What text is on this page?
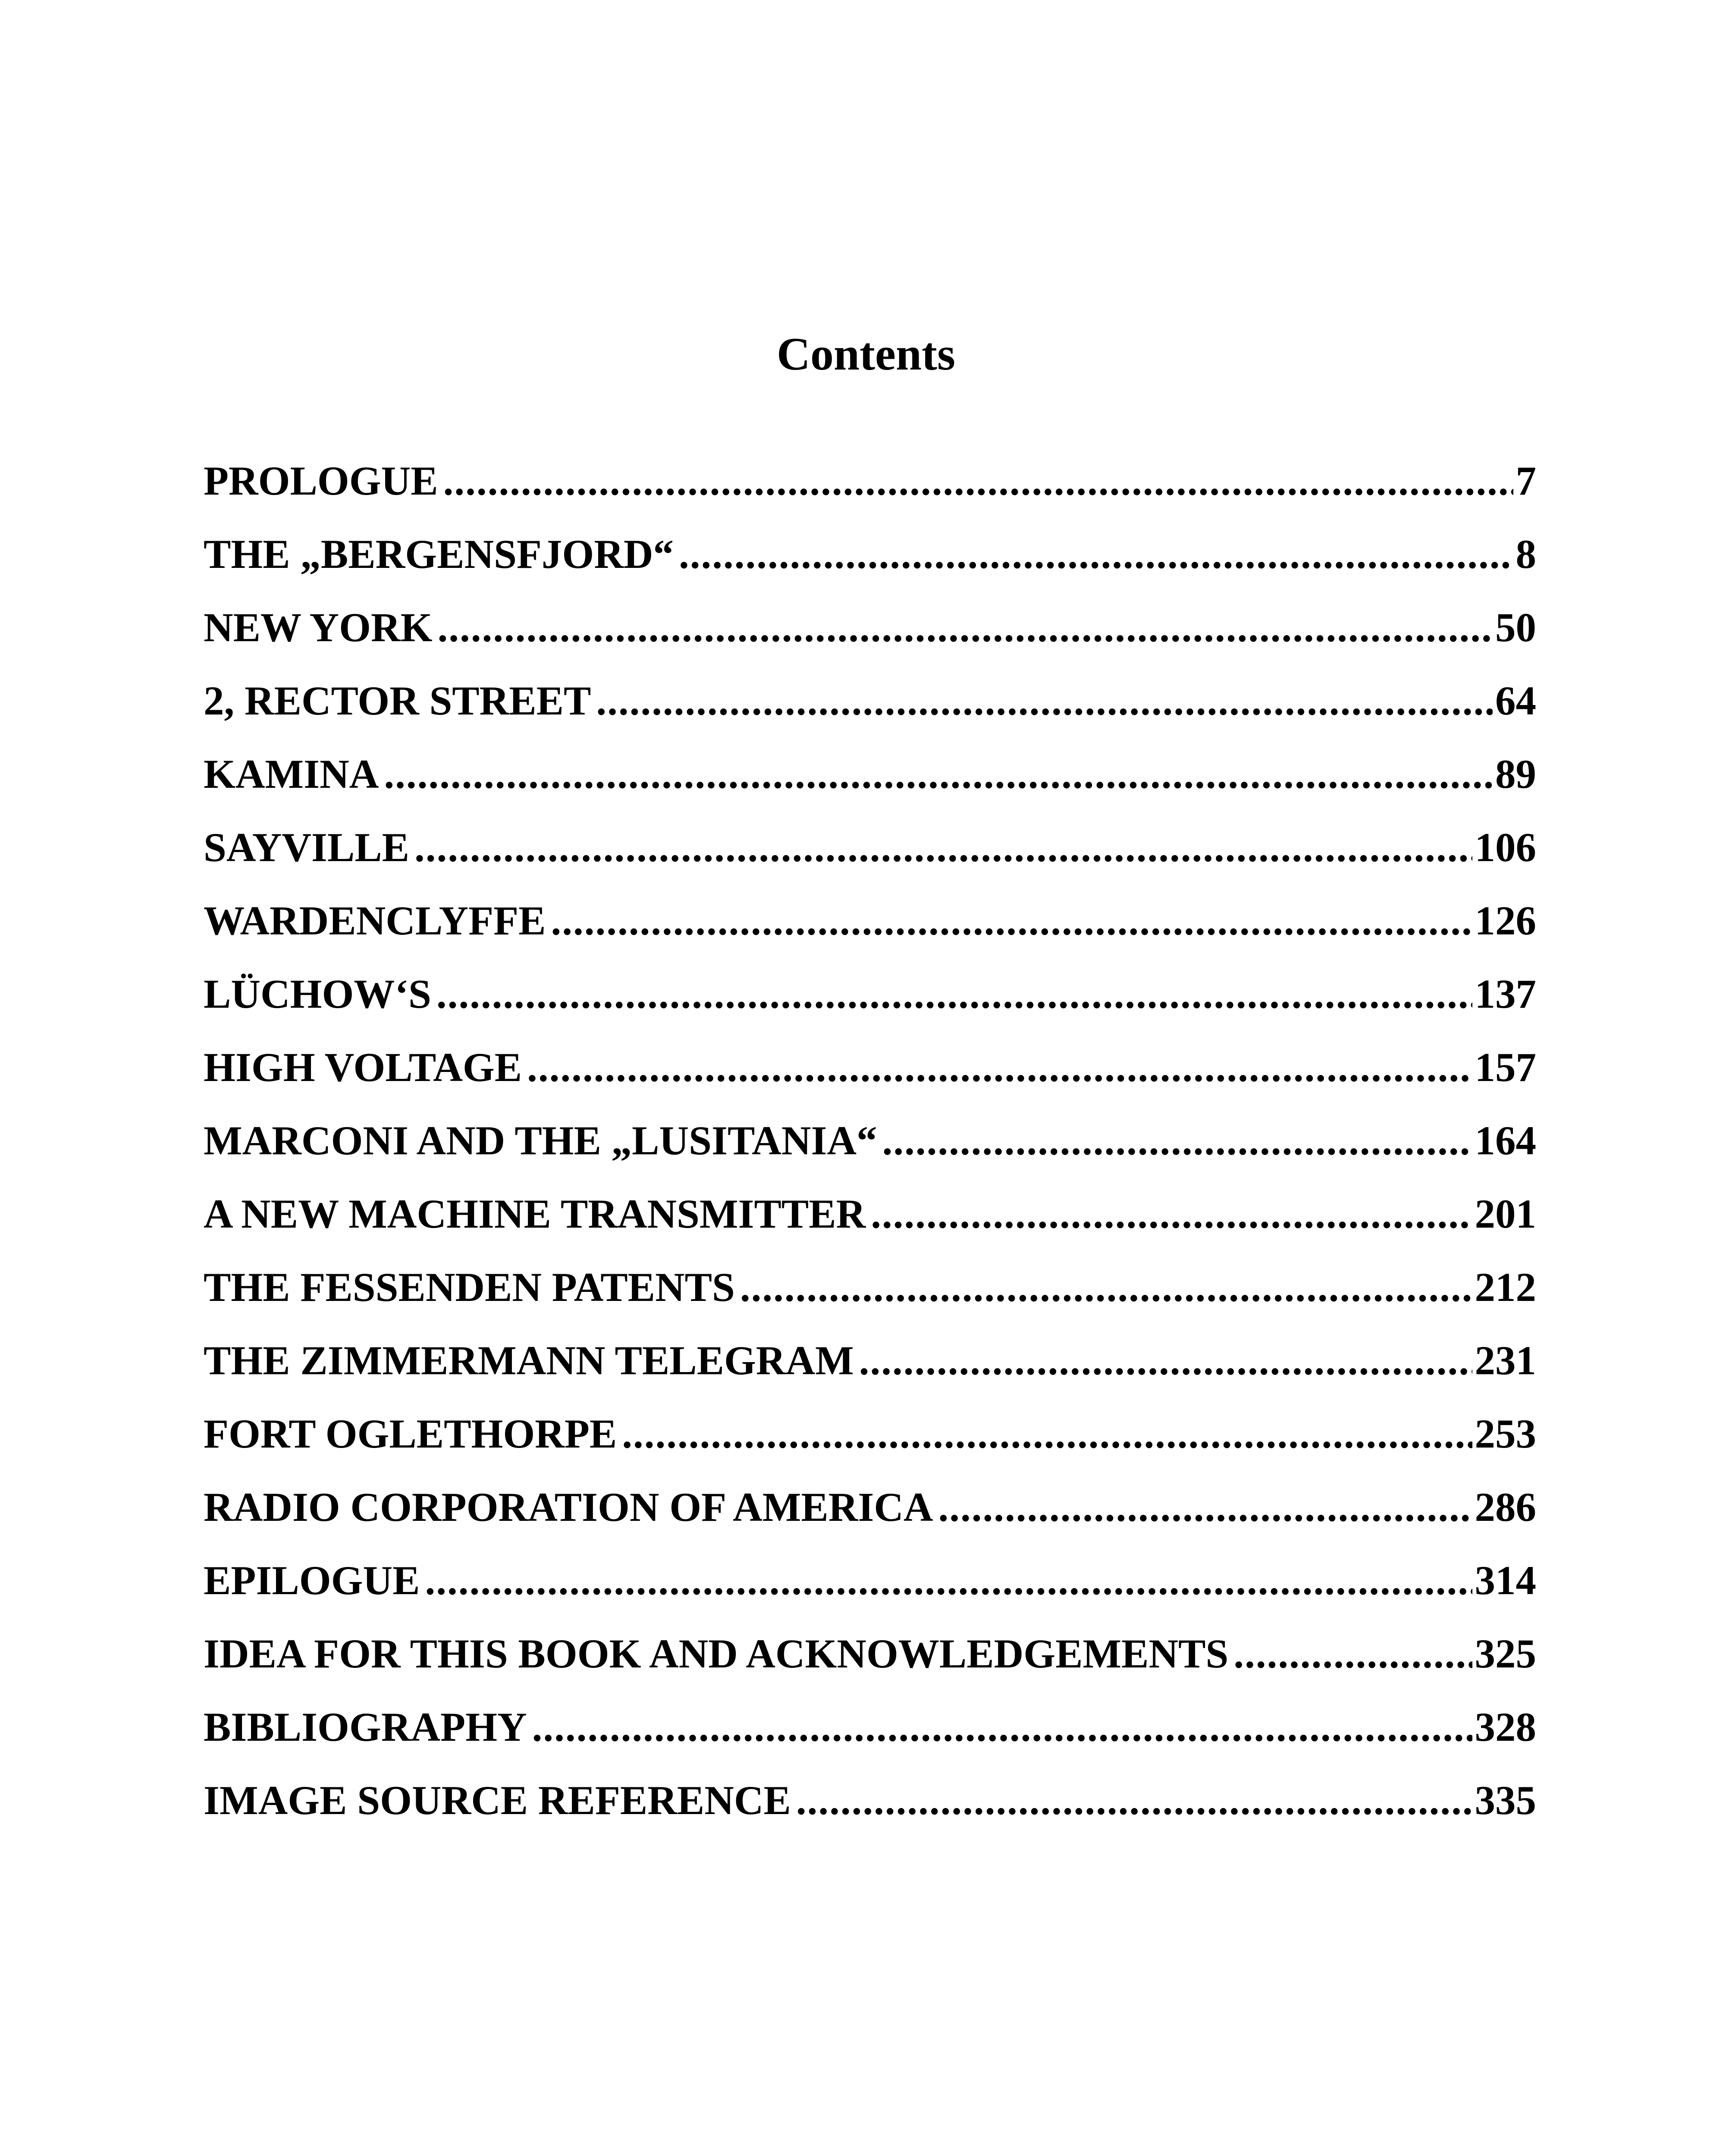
Contents
PROLOGUE .....	7
THE „BERGENSFJORD“ .....	8
NEW YORK .....	50
2, RECTOR STREET .....	64
KAMINA .....	89
SAYVILLE .....	106
WARDENCLYFFE .....	126
LÜCHOW‘S .....	137
HIGH VOLTAGE .....	157
MARCONI AND THE „LUSITANIA“ .....	164
A NEW MACHINE TRANSMITTER .....	201
THE FESSENDEN PATENTS .....	212
THE ZIMMERMANN TELEGRAM .....	231
FORT OGLETHORPE .....	253
RADIO CORPORATION OF AMERICA .....	286
EPILOGUE .....	314
IDEA FOR THIS BOOK AND ACKNOWLEDGEMENTS .....	325
BIBLIOGRAPHY .....	328
IMAGE SOURCE REFERENCE .....	335
